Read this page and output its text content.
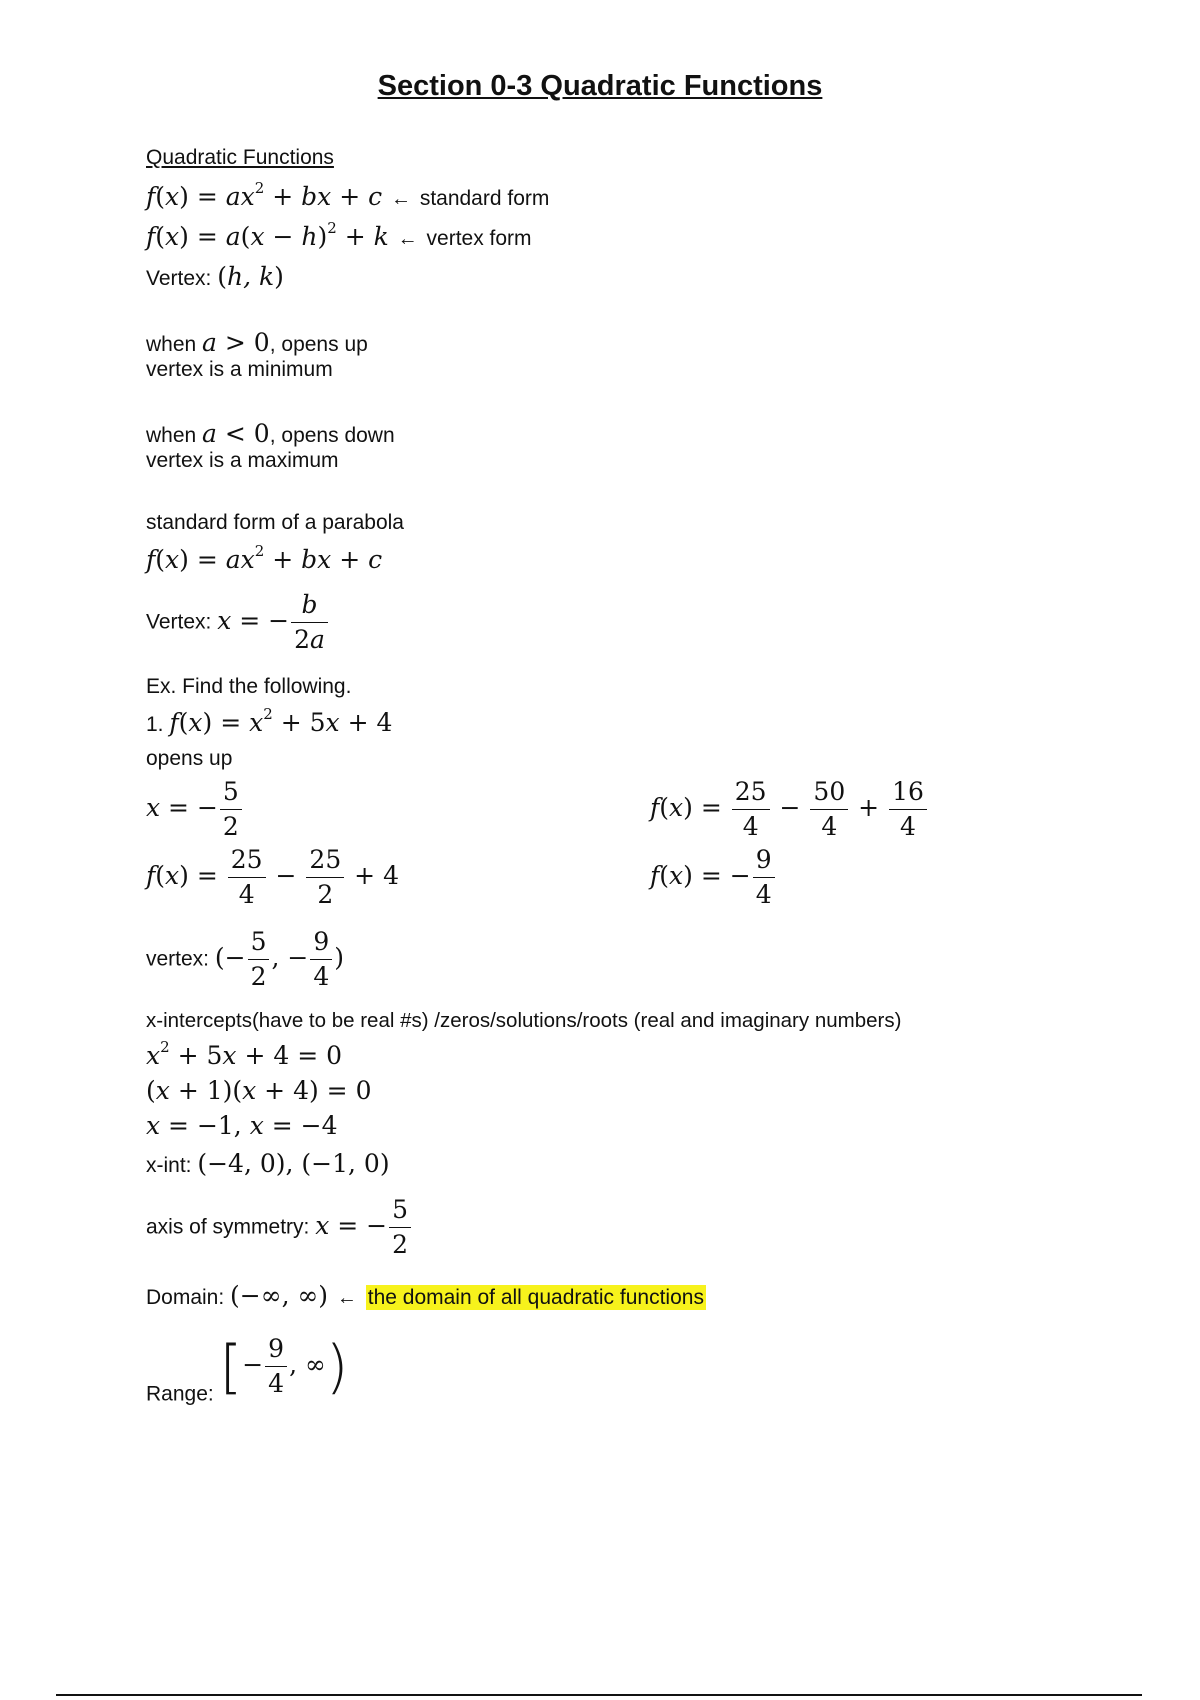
Section 0-3 Quadratic Functions
Quadratic Functions
$f(x) = ax^2$ + bx + c ← standard form
$f(x) = a(x - h)^2 + k$ ← vertex form
Vertex: (h, k)
when a > 0, opens up
vertex is a minimum
when a < 0, opens down
vertex is a maximum
standard form of a parabola
$f(x) = ax^2$ + bx + c
Vertex: x = − $\frac{b}{2a}$
Ex. Find the following.
1. $f(x) = x^2 + 5x + 4$
opens up
x = − $\frac{5}{2}$
$f(x) = \frac{25}{4} - \frac{25}{2} + 4$
$f(x) = \frac{25}{4} - \frac{50}{4} + \frac{16}{4}$
f(x) = − $\frac{9}{4}$
vertex: (− $\frac{5}{2}$ , − $\frac{9}{4}$ )
x-intercepts(have to be real #s) /zeros/solutions/roots (real and imaginary numbers)
$x^2 + 5x + 4 = 0$
(x + 1)(x + 4) = 0
x = −1, x = −4
x-int: (−4, 0), (−1, 0)
axis of symmetry: x = − $\frac{5}{2}$
Domain: (−∞, ∞) ← the domain of all quadratic functions
Range: [− $\frac{9}{4}$ , ∞)
